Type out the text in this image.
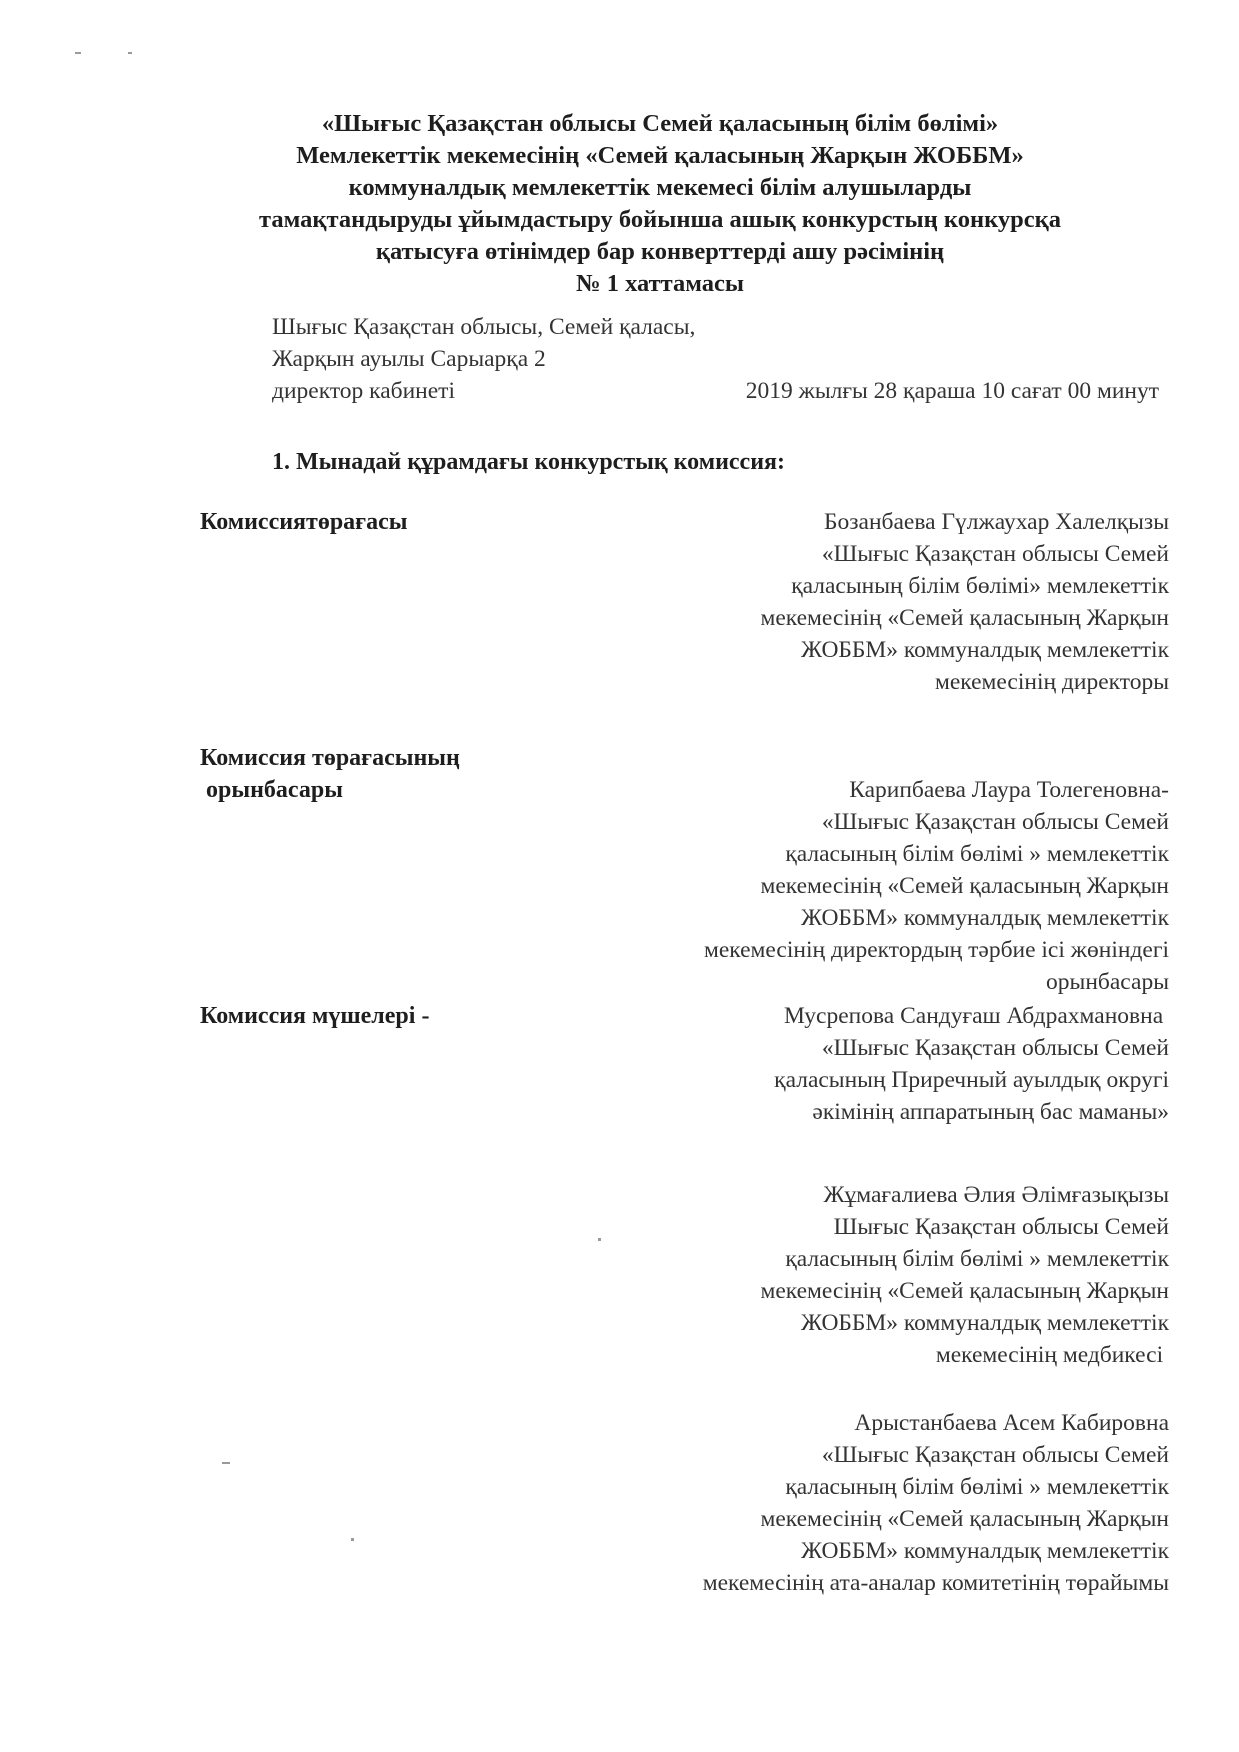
«Шығыс Қазақстан облысы Семей қаласының білім бөлімі»
Мемлекеттік мекемесінің «Семей қаласының Жарқын ЖОББМ»
коммуналдық мемлекеттік мекемесі білім алушыларды
тамақтандыруды ұйымдастыру бойынша ашық конкурстың конкурсқа
қатысуға өтінімдер бар конверттерді ашу рәсімінің
№ 1 хаттамасы
Шығыс Қазақстан облысы, Семей қаласы,
Жарқын ауылы Сарыарқа 2
директор кабинеті	2019 жылғы 28 қараша 10 сағат 00 минут
1. Мынадай құрамдағы конкурстық комиссия:
Комиссиятөрағасы	Бозанбаева Гүлжаухар Халелқызы
«Шығыс Қазақстан облысы Семей
қаласының білім бөлімі» мемлекеттік
мекемесінің «Семей қаласының Жарқын
ЖОББМ» коммуналдық мемлекеттік
мекемесінің директоры
Комиссия төрағасының
орынбасары	Карипбаева Лаура Толегеновна-
«Шығыс Қазақстан облысы Семей
қаласының білім бөлімі » мемлекеттік
мекемесінің «Семей қаласының Жарқын
ЖОББМ» коммуналдық мемлекеттік
мекемесінің директордың тәрбие ісі жөніндегі
орынбасары
Комиссия мүшелері -	Мусрепова Сандуғаш Абдрахмановна
«Шығыс Қазақстан облысы Семей
қаласының Приречный ауылдық округі
әкімінің аппаратының бас маманы»
Жұмағалиева Әлия Әлімғазықызы
Шығыс Қазақстан облысы Семей
қаласының білім бөлімі » мемлекеттік
мекемесінің «Семей қаласының Жарқын
ЖОББМ» коммуналдық мемлекеттік
мекемесінің медбикесі
Арыстанбаева Асем Кабировна
«Шығыс Қазақстан облысы Семей
қаласының білім бөлімі » мемлекеттік
мекемесінің «Семей қаласының Жарқын
ЖОББМ» коммуналдық мемлекеттік
мекемесінің ата-аналар комитетінің төрайымы
